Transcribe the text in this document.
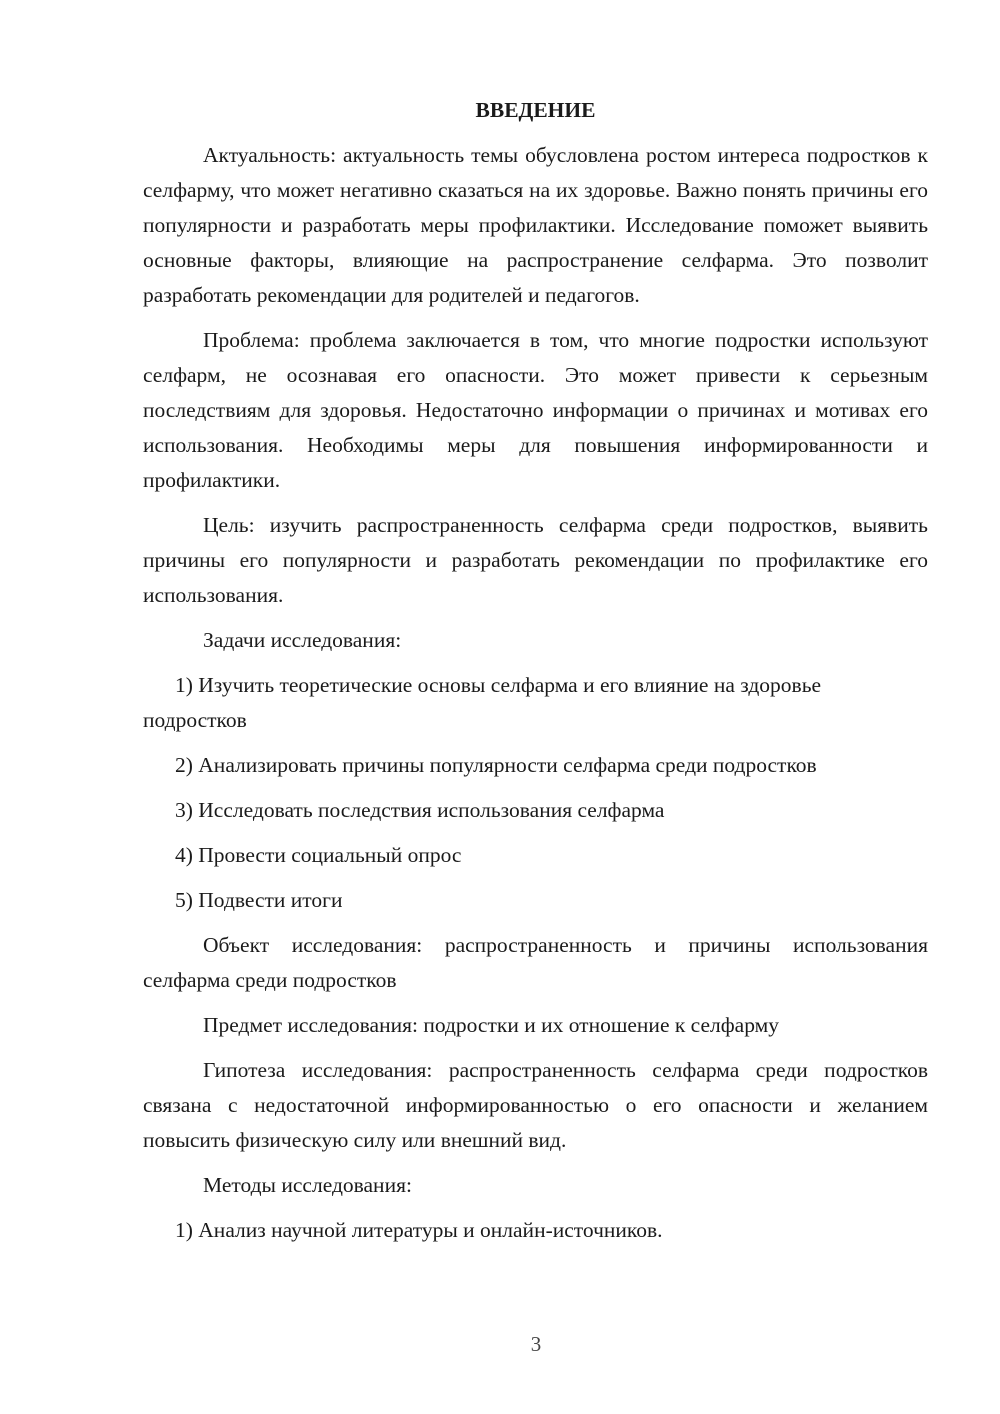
ВВЕДЕНИЕ

Актуальность: актуальность темы обусловлена ростом интереса подростков к селфарму, что может негативно сказаться на их здоровье. Важно понять причины его популярности и разработать меры профилактики. Исследование поможет выявить основные факторы, влияющие на распространение селфарма. Это позволит разработать рекомендации для родителей и педагогов.

Проблема: проблема заключается в том, что многие подростки используют селфарм, не осознавая его опасности. Это может привести к серьезным последствиям для здоровья. Недостаточно информации о причинах и мотивах его использования. Необходимы меры для повышения информированности и профилактики.

Цель: изучить распространенность селфарма среди подростков, выявить причины его популярности и разработать рекомендации по профилактике его использования.

Задачи исследования:

1) Изучить теоретические основы селфарма и его влияние на здоровье подростков

2) Анализировать причины популярности селфарма среди подростков

3) Исследовать последствия использования селфарма

4) Провести социальный опрос

5) Подвести итоги

Объект исследования: распространенность и причины использования селфарма среди подростков

Предмет исследования: подростки и их отношение к селфарму

Гипотеза исследования: распространенность селфарма среди подростков связана с недостаточной информированностью о его опасности и желанием повысить физическую силу или внешний вид.

Методы исследования:

1) Анализ научной литературы и онлайн-источников.

3
